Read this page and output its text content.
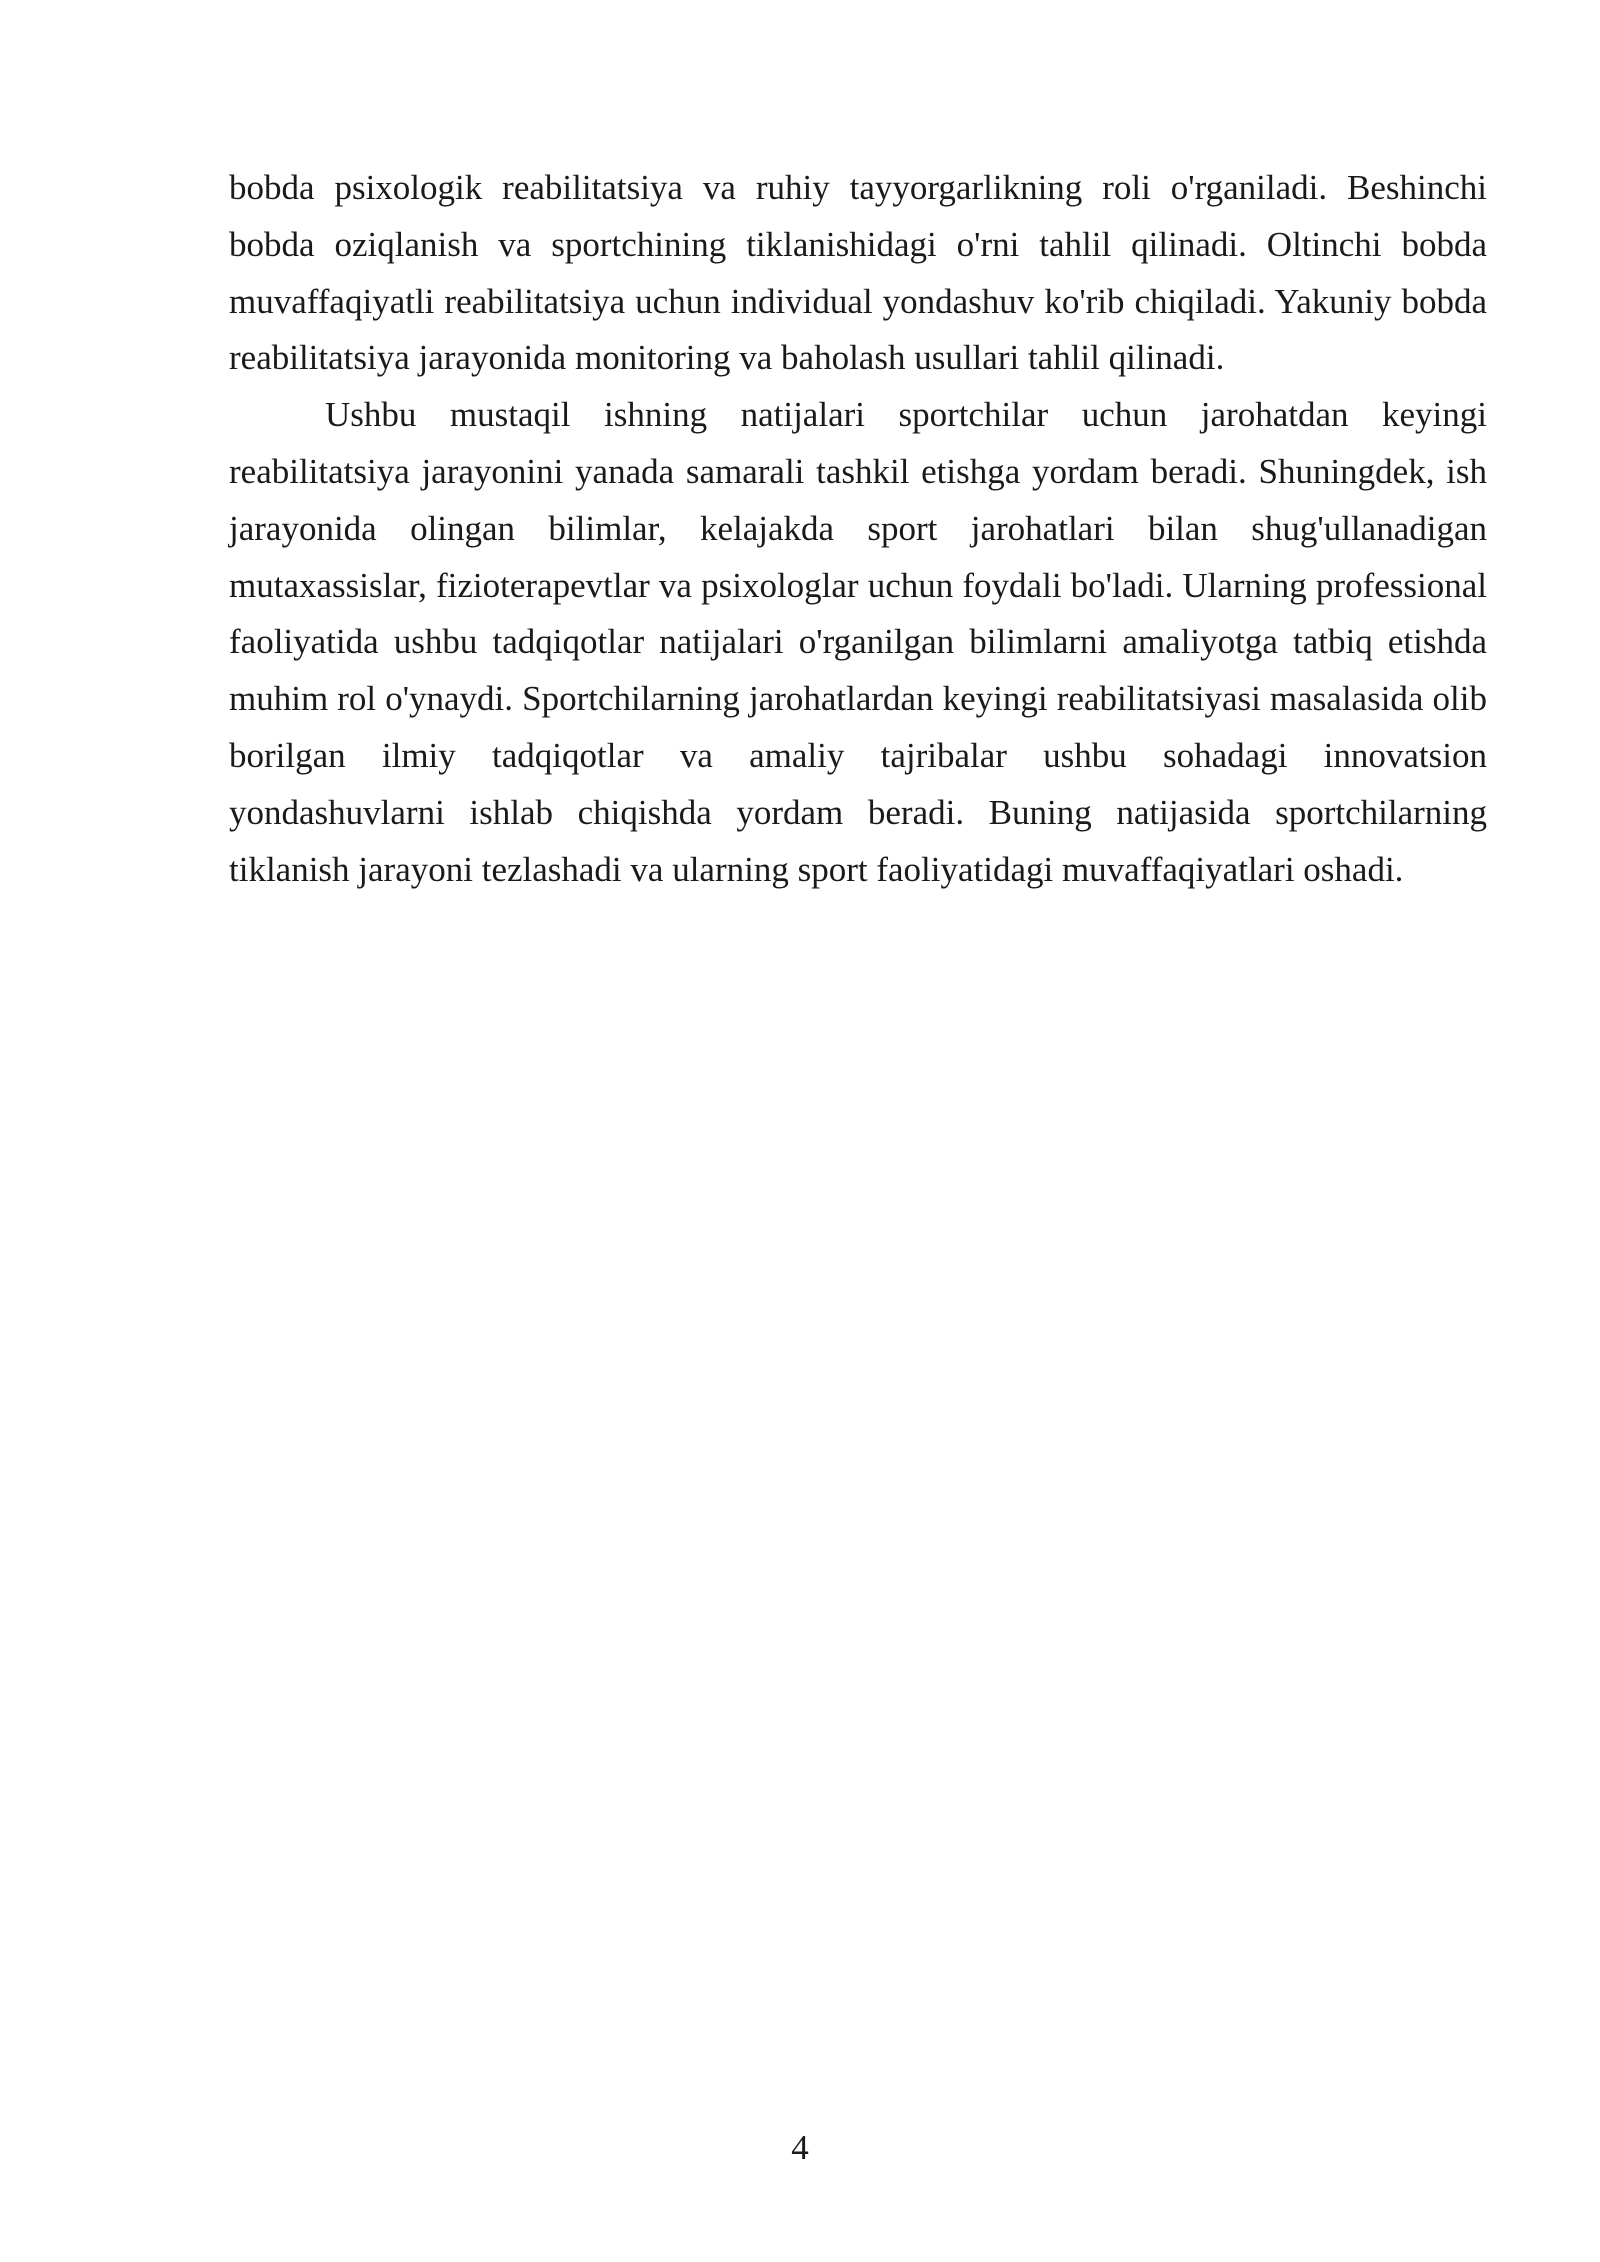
bobda psixologik reabilitatsiya va ruhiy tayyorgarlikning roli o'rganiladi. Beshinchi bobda oziqlanish va sportchining tiklanishidagi o'rni tahlil qilinadi. Oltinchi bobda muvaffaqiyatli reabilitatsiya uchun individual yondashuv ko'rib chiqiladi. Yakuniy bobda reabilitatsiya jarayonida monitoring va baholash usullari tahlil qilinadi.

Ushbu mustaqil ishning natijalari sportchilar uchun jarohatdan keyingi reabilitatsiya jarayonini yanada samarali tashkil etishga yordam beradi. Shuningdek, ish jarayonida olingan bilimlar, kelajakda sport jarohatlari bilan shug'ullanadigan mutaxassislar, fizioterapevtlar va psixologlar uchun foydali bo'ladi. Ularning professional faoliyatida ushbu tadqiqotlar natijalari o'rganilgan bilimlarni amaliyotga tatbiq etishda muhim rol o'ynaydi. Sportchilarning jarohatlardan keyingi reabilitatsiyasi masalasida olib borilgan ilmiy tadqiqotlar va amaliy tajribalar ushbu sohadagi innovatsion yondashuvlarni ishlab chiqishda yordam beradi. Buning natijasida sportchilarning tiklanish jarayoni tezlashadi va ularning sport faoliyatidagi muvaffaqiyatlari oshadi.

4
